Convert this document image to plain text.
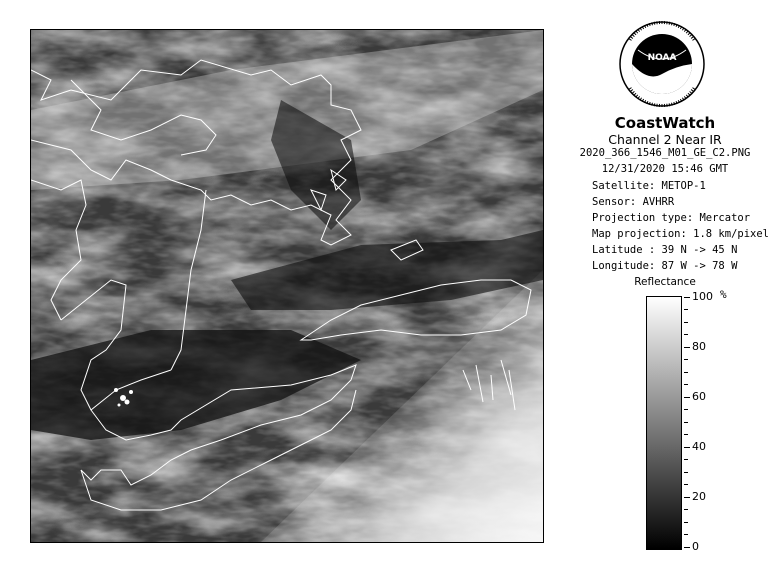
NOAA
CoastWatch
Channel 2 Near IR
2020_366_1546_M01_GE_C2.PNG
12/31/2020 15:46 GMT
Satellite: METOP-1
Sensor: AVHRR
Projection type: Mercator
Map projection: 1.8 km/pixel
Latitude : 39 N -> 45 N
Longitude: 87 W -> 78 W
Reflectance
%
100
80
60
40
20
0
